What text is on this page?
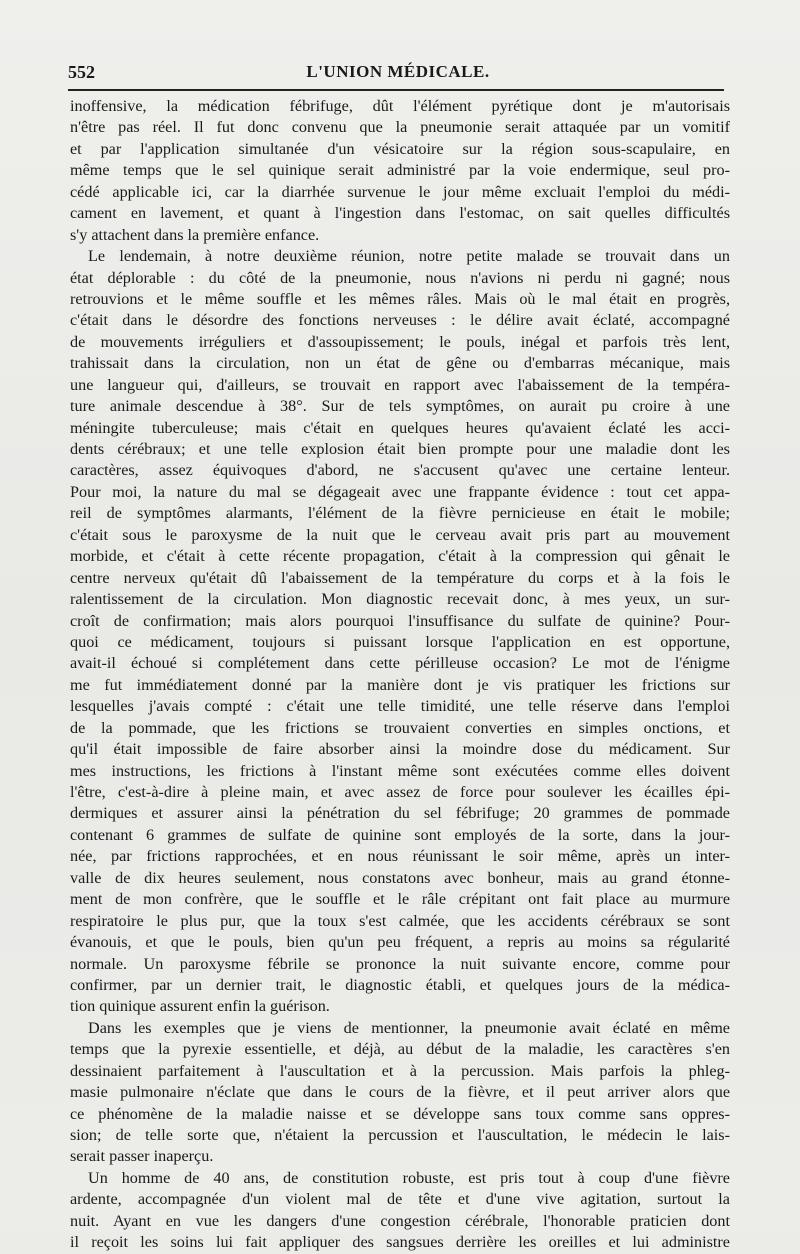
552	L'UNION MÉDICALE.
inoffensive, la médication fébrifuge, dût l'élément pyrétique dont je m'autorisais
n'être pas réel. Il fut donc convenu que la pneumonie serait attaquée par un vomitif
et par l'application simultanée d'un vésicatoire sur la région sous-scapulaire, en
même temps que le sel quinique serait administré par la voie endermique, seul pro-
cédé applicable ici, car la diarrhée survenue le jour même excluait l'emploi du médi-
cament en lavement, et quant à l'ingestion dans l'estomac, on sait quelles difficultés
s'y attachent dans la première enfance.
Le lendemain, à notre deuxième réunion, notre petite malade se trouvait dans un
état déplorable : du côté de la pneumonie, nous n'avions ni perdu ni gagné; nous
retrouvions et le même souffle et les mêmes râles. Mais où le mal était en progrès,
c'était dans le désordre des fonctions nerveuses : le délire avait éclaté, accompagné
de mouvements irréguliers et d'assoupissement; le pouls, inégal et parfois très lent,
trahissait dans la circulation, non un état de gêne ou d'embarras mécanique, mais
une langueur qui, d'ailleurs, se trouvait en rapport avec l'abaissement de la tempéra-
ture animale descendue à 38°. Sur de tels symptômes, on aurait pu croire à une
méningite tuberculeuse; mais c'était en quelques heures qu'avaient éclaté les acci-
dents cérébraux; et une telle explosion était bien prompte pour une maladie dont les
caractères, assez équivoques d'abord, ne s'accusent qu'avec une certaine lenteur.
Pour moi, la nature du mal se dégageait avec une frappante évidence : tout cet appa-
reil de symptômes alarmants, l'élément de la fièvre pernicieuse en était le mobile;
c'était sous le paroxysme de la nuit que le cerveau avait pris part au mouvement
morbide, et c'était à cette récente propagation, c'était à la compression qui gênait le
centre nerveux qu'était dû l'abaissement de la température du corps et à la fois le
ralentissement de la circulation. Mon diagnostic recevait donc, à mes yeux, un sur-
croît de confirmation; mais alors pourquoi l'insuffisance du sulfate de quinine? Pour-
quoi ce médicament, toujours si puissant lorsque l'application en est opportune,
avait-il échoué si complétement dans cette périlleuse occasion? Le mot de l'énigme
me fut immédiatement donné par la manière dont je vis pratiquer les frictions sur
lesquelles j'avais compté : c'était une telle timidité, une telle réserve dans l'emploi
de la pommade, que les frictions se trouvaient converties en simples onctions, et
qu'il était impossible de faire absorber ainsi la moindre dose du médicament. Sur
mes instructions, les frictions à l'instant même sont exécutées comme elles doivent
l'être, c'est-à-dire à pleine main, et avec assez de force pour soulever les écailles épi-
dermiques et assurer ainsi la pénétration du sel fébrifuge; 20 grammes de pommade
contenant 6 grammes de sulfate de quinine sont employés de la sorte, dans la jour-
née, par frictions rapprochées, et en nous réunissant le soir même, après un inter-
valle de dix heures seulement, nous constatons avec bonheur, mais au grand étonne-
ment de mon confrère, que le souffle et le râle crépitant ont fait place au murmure
respiratoire le plus pur, que la toux s'est calmée, que les accidents cérébraux se sont
évanouis, et que le pouls, bien qu'un peu fréquent, a repris au moins sa régularité
normale. Un paroxysme fébrile se prononce la nuit suivante encore, comme pour
confirmer, par un dernier trait, le diagnostic établi, et quelques jours de la médica-
tion quinique assurent enfin la guérison.
Dans les exemples que je viens de mentionner, la pneumonie avait éclaté en même
temps que la pyrexie essentielle, et déjà, au début de la maladie, les caractères s'en
dessinaient parfaitement à l'auscultation et à la percussion. Mais parfois la phleg-
masie pulmonaire n'éclate que dans le cours de la fièvre, et il peut arriver alors que
ce phénomène de la maladie naisse et se développe sans toux comme sans oppres-
sion; de telle sorte que, n'étaient la percussion et l'auscultation, le médecin le lais-
serait passer inaperçu.
Un homme de 40 ans, de constitution robuste, est pris tout à coup d'une fièvre
ardente, accompagnée d'un violent mal de tête et d'une vive agitation, surtout la
nuit. Ayant en vue les dangers d'une congestion cérébrale, l'honorable praticien dont
il reçoit les soins lui fait appliquer des sangsues derrière les oreilles et lui administre
